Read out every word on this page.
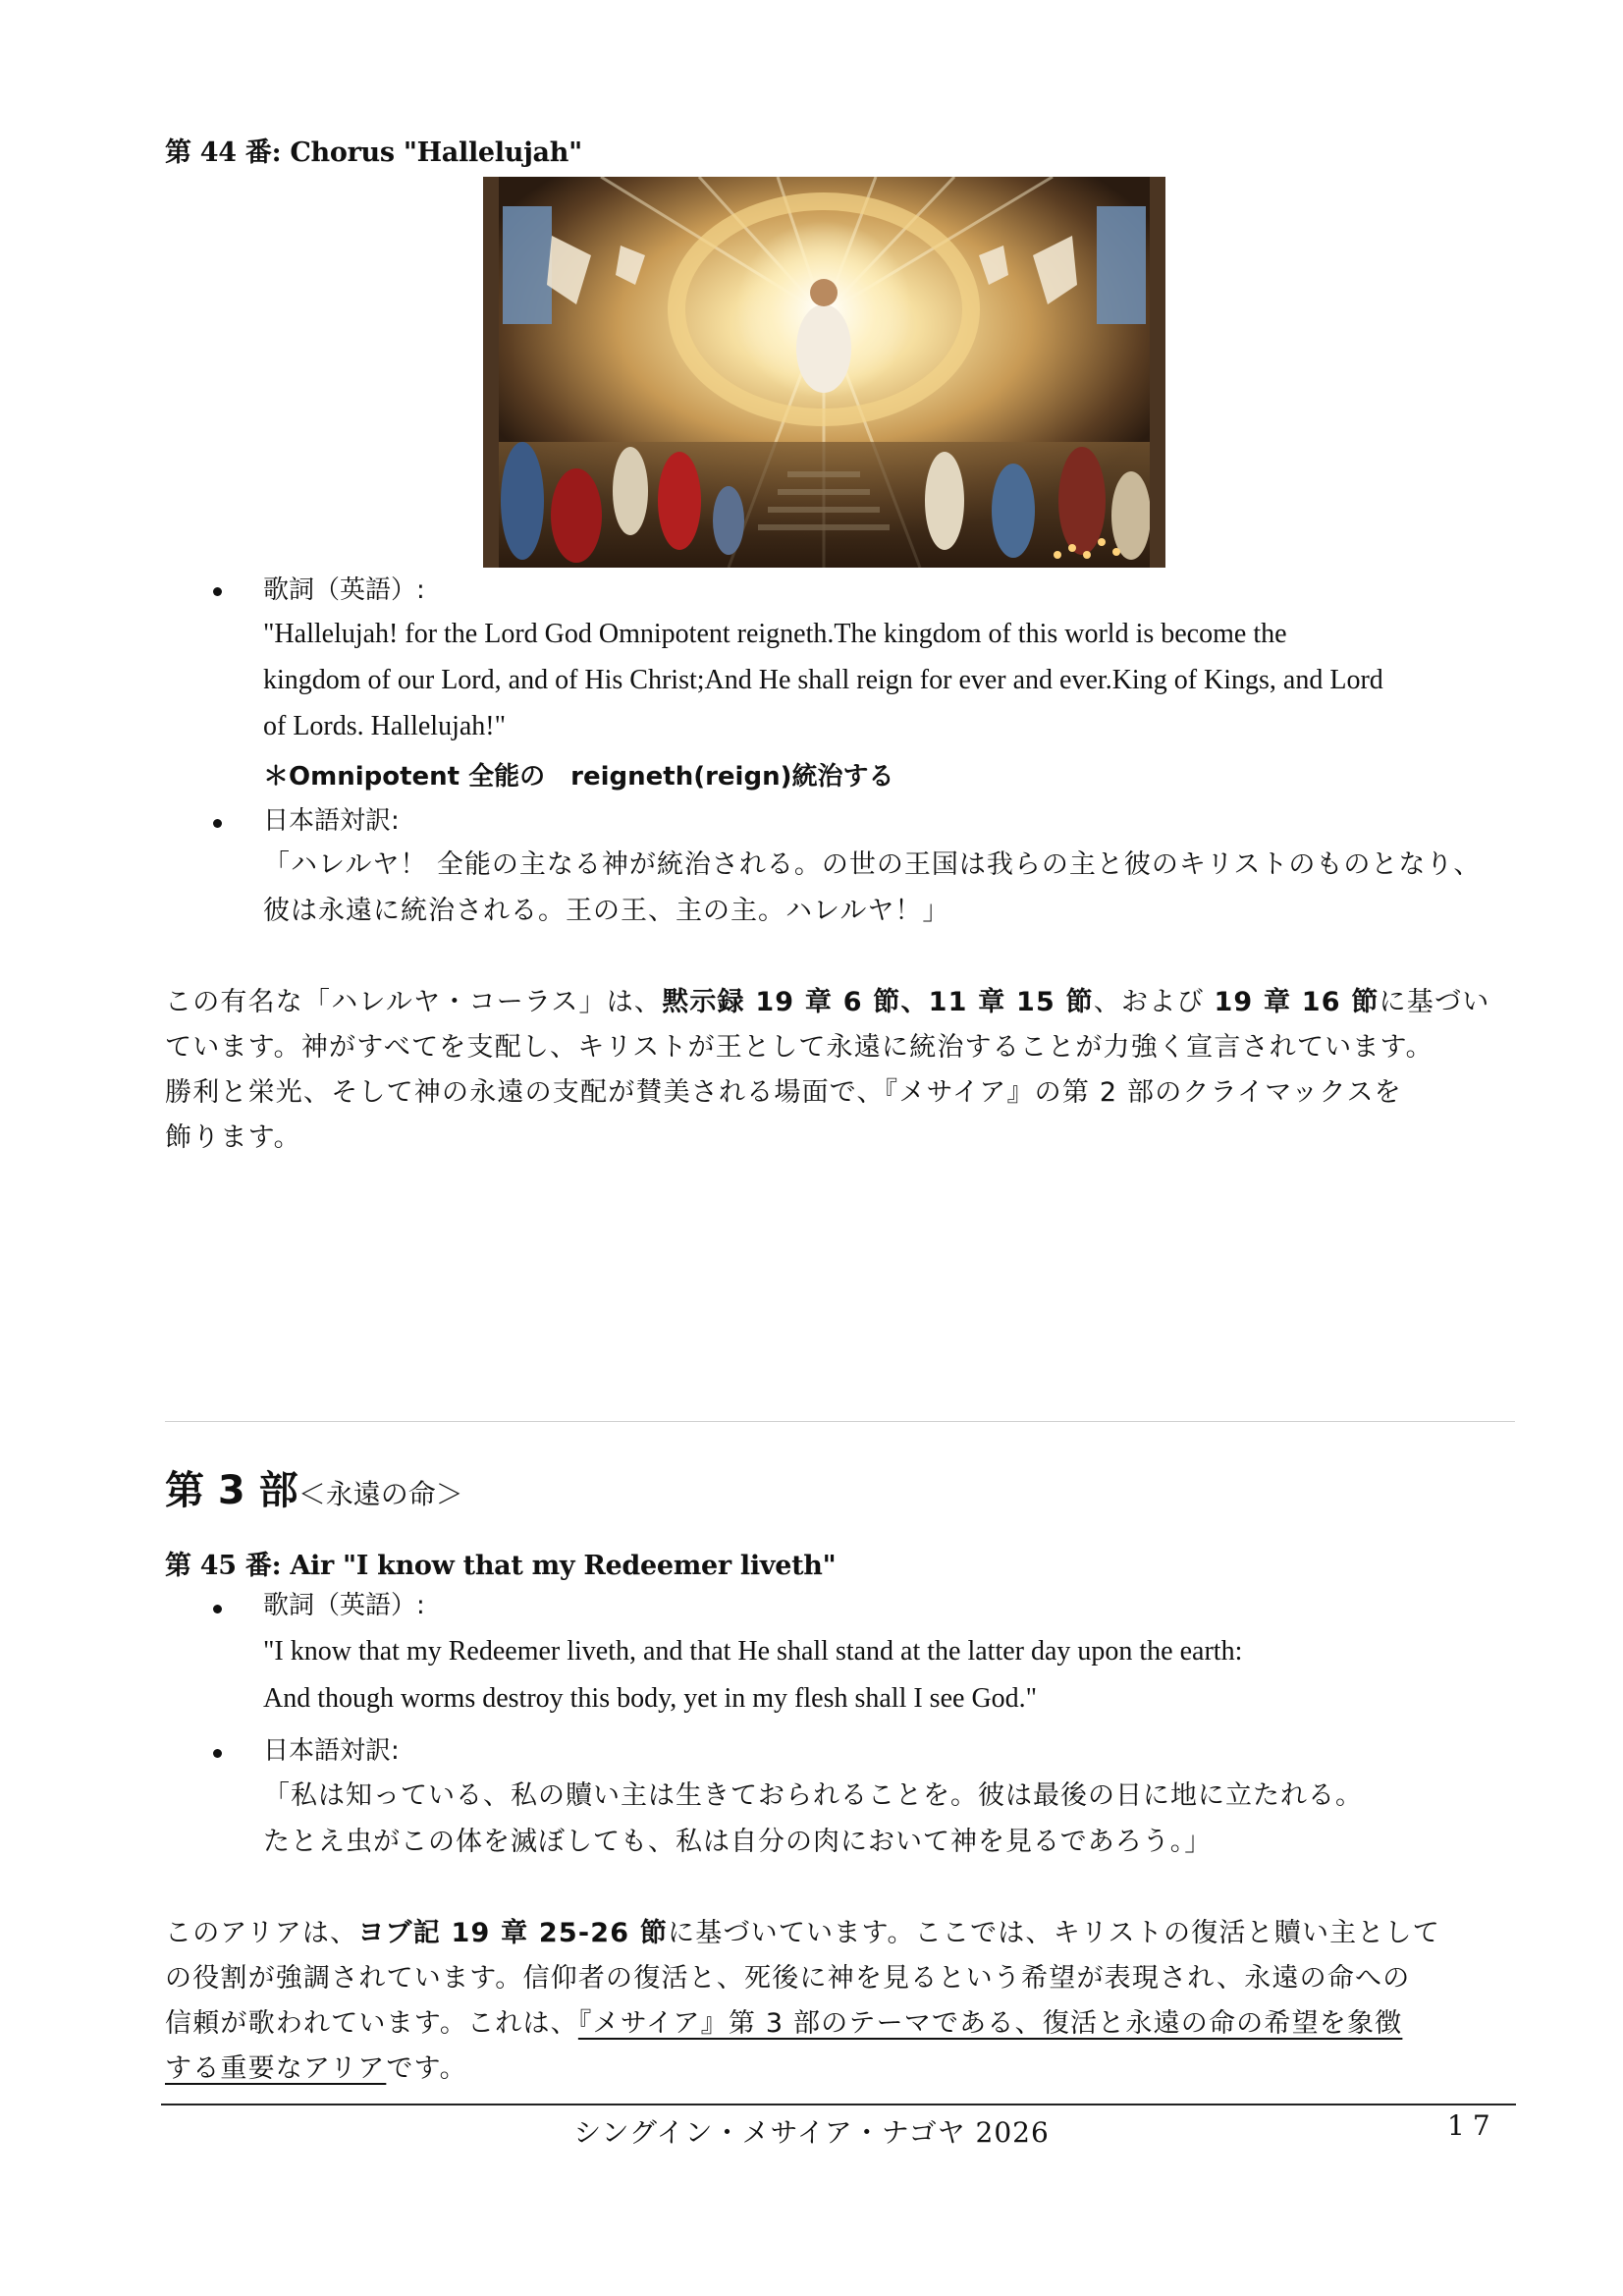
第 44 番: Chorus "Hallelujah"
歌詞（英語）:
"Hallelujah! for the Lord God Omnipotent reigneth.The kingdom of this world is become the
kingdom of our Lord, and of His Christ;And He shall reign for ever and ever.King of Kings, and Lord
of Lords. Hallelujah!"
＊Omnipotent 全能の　reigneth(reign)統治する
日本語対訳:
「ハレルヤ！ 全能の主なる神が統治される。の世の王国は我らの主と彼のキリストのものとなり、
彼は永遠に統治される。王の王、主の主。ハレルヤ！」
この有名な「ハレルヤ・コーラス」は、黙示録 19 章 6 節、11 章 15 節、および 19 章 16 節に基づい
ています。神がすべてを支配し、キリストが王として永遠に統治することが力強く宣言されています。
勝利と栄光、そして神の永遠の支配が賛美される場面で、『メサイア』の第 2 部のクライマックスを
飾ります。
第 3 部＜永遠の命＞
第 45 番: Air "I know that my Redeemer liveth"
歌詞（英語）:
"I know that my Redeemer liveth, and that He shall stand at the latter day upon the earth:
And though worms destroy this body, yet in my flesh shall I see God."
日本語対訳:
「私は知っている、私の贖い主は生きておられることを。彼は最後の日に地に立たれる。
たとえ虫がこの体を滅ぼしても、私は自分の肉において神を見るであろう。」
このアリアは、ヨブ記 19 章 25-26 節に基づいています。ここでは、キリストの復活と贖い主として
の役割が強調されています。信仰者の復活と、死後に神を見るという希望が表現され、永遠の命への
信頼が歌われています。これは、『メサイア』第 3 部のテーマである、復活と永遠の命の希望を象徴
する重要なアリアです。
シングイン・メサイア・ナゴヤ 2026	17
